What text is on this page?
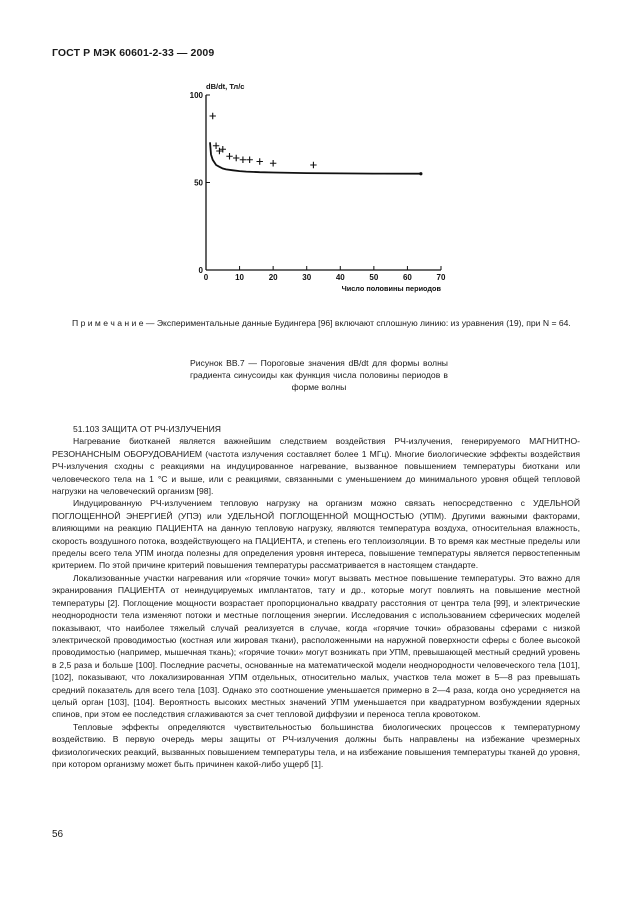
ГОСТ Р МЭК 60601-2-33 — 2009
dB/dt, Тл/с
Число половины периодов
0	10	20	30	40	50	60	70
0
50
100
П р и м е ч а н и е — Экспериментальные данные Будингера [96] включают сплошную линию: из уравнения (19), при N = 64.
Рисунок ВВ.7 — Пороговые значения dB/dt для формы волны градиента синусоиды как функция числа половины периодов в форме волны

51.103 ЗАЩИТА ОТ РЧ-ИЗЛУЧЕНИЯ

Нагревание биотканей является важнейшим следствием воздействия РЧ-излучения, генерируемого МАГНИТНО-РЕЗОНАНСНЫМ ОБОРУДОВАНИЕМ (частота излучения составляет более 1 МГц). Многие биологические эффекты воздействия РЧ-излучения сходны с реакциями на индуцированное нагревание, вызванное повышением температуры биоткани или человеческого тела на 1 °С и выше, или с реакциями, связанными с уменьшением до минимального уровня общей тепловой нагрузки на человеческий организм [98].

Индуцированную РЧ-излучением тепловую нагрузку на организм можно связать непосредственно с УДЕЛЬНОЙ ПОГЛОЩЕННОЙ ЭНЕРГИЕЙ (УПЭ) или УДЕЛЬНОЙ ПОГЛОЩЕННОЙ МОЩНОСТЬЮ (УПМ). Другими важными факторами, влияющими на реакцию ПАЦИЕНТА на данную тепловую нагрузку, являются температура воздуха, относительная влажность, скорость воздушного потока, воздействующего на ПАЦИЕНТА, и степень его теплоизоляции. В то время как местные пределы или пределы всего тела УПМ иногда полезны для определения уровня интереса, повышение температуры является первостепенным критерием. По этой причине критерий повышения температуры рассматривается в настоящем стандарте.

Локализованные участки нагревания или «горячие точки» могут вызвать местное повышение температуры. Это важно для экранирования ПАЦИЕНТА от неиндуцируемых имплантатов, тату и др., которые могут повлиять на повышение местной температуры [2]. Поглощение мощности возрастает пропорционально квадрату расстояния от центра тела [99], и электрические неоднородности тела изменяют потоки и местные поглощения энергии. Исследования с использованием сферических моделей показывают, что наиболее тяжелый случай реализуется в случае, когда «горячие точки» образованы сферами с низкой электрической проводимостью (костная или жировая ткани), расположенными на наружной поверхности сферы с более высокой проводимостью (например, мышечная ткань); «горячие точки» могут возникать при УПМ, превышающей местный средний уровень в 2,5 раза и больше [100]. Последние расчеты, основанные на математической модели неоднородности человеческого тела [101], [102], показывают, что локализированная УПМ отдельных, относительно малых, участков тела может в 5—8 раз превышать средний показатель для всего тела [103]. Однако это соотношение уменьшается примерно в 2—4 раза, когда оно усредняется на целый орган [103], [104]. Вероятность высоких местных значений УПМ уменьшается при квадратурном возбуждении ядерных спинов, при этом ее последствия сглаживаются за счет тепловой диффузии и переноса тепла кровотоком.

Тепловые эффекты определяются чувствительностью большинства биологических процессов к температурному воздействию. В первую очередь меры защиты от РЧ-излучения должны быть направлены на избежание чрезмерных физиологических реакций, вызванных повышением температуры тела, и на избежание повышения температуры тканей до уровня, при котором организму может быть причинен какой-либо ущерб [1].

56
